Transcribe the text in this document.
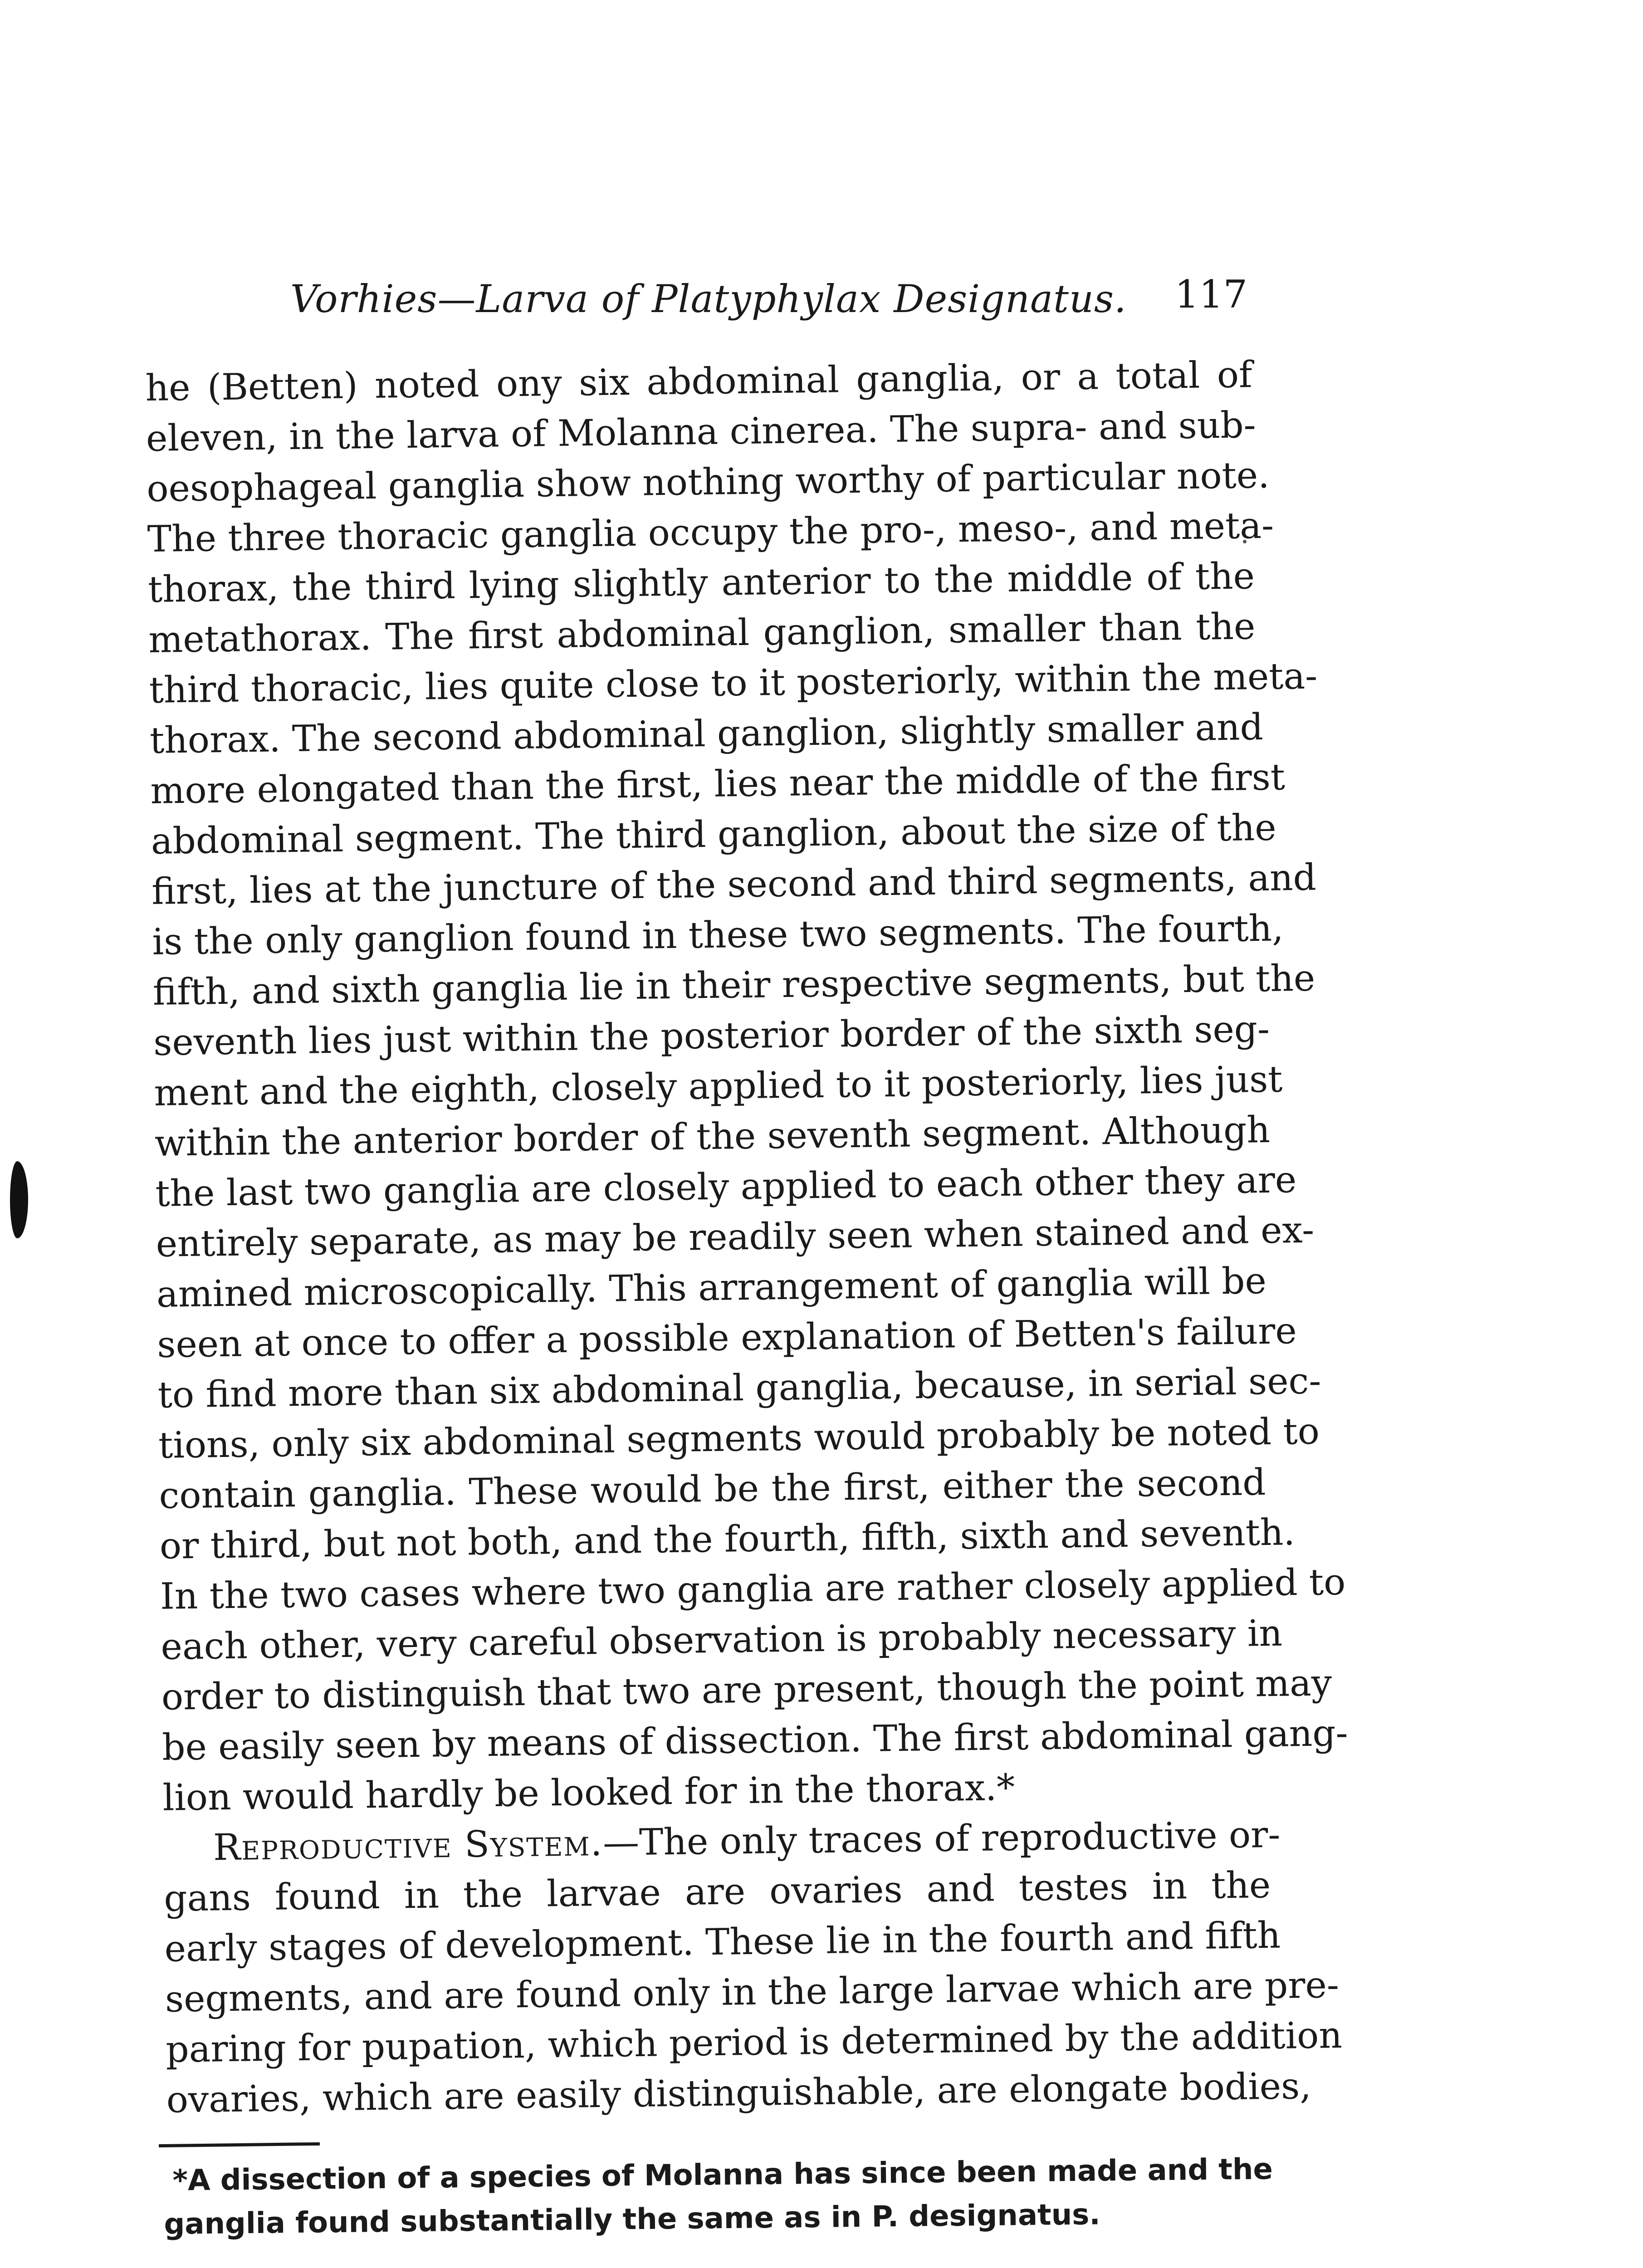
Vorhies—Larva of Platyphylax Designatus. 117
he (Betten) noted ony six abdominal ganglia, or a total of
eleven, in the larva of Molanna cinerea. The supra- and sub-
oesophageal ganglia show nothing worthy of particular note.
The three thoracic ganglia occupy the pro-, meso-, and meta-
thorax, the third lying slightly anterior to the middle of the
metathorax. The first abdominal ganglion, smaller than the
third thoracic, lies quite close to it posteriorly, within the meta-
thorax. The second abdominal ganglion, slightly smaller and
more elongated than the first, lies near the middle of the first
abdominal segment. The third ganglion, about the size of the
first, lies at the juncture of the second and third segments, and
is the only ganglion found in these two segments. The fourth,
fifth, and sixth ganglia lie in their respective segments, but the
seventh lies just within the posterior border of the sixth seg-
ment and the eighth, closely applied to it posteriorly, lies just
within the anterior border of the seventh segment. Although
the last two ganglia are closely applied to each other they are
entirely separate, as may be readily seen when stained and ex-
amined microscopically. This arrangement of ganglia will be
seen at once to offer a possible explanation of Betten's failure
to find more than six abdominal ganglia, because, in serial sec-
tions, only six abdominal segments would probably be noted to
contain ganglia. These would be the first, either the second
or third, but not both, and the fourth, fifth, sixth and seventh.
In the two cases where two ganglia are rather closely applied to
each other, very careful observation is probably necessary in
order to distinguish that two are present, though the point may
be easily seen by means of dissection. The first abdominal gang-
lion would hardly be looked for in the thorax.*
Reproductive System.—The only traces of reproductive or-
gans found in the larvae are ovaries and testes in the
early stages of development. These lie in the fourth and fifth
segments, and are found only in the large larvae which are pre-
paring for pupation, which period is determined by the addition
ovaries, which are easily distinguishable, are elongate bodies,
*A dissection of a species of Molanna has since been made and the
ganglia found substantially the same as in P. designatus.
